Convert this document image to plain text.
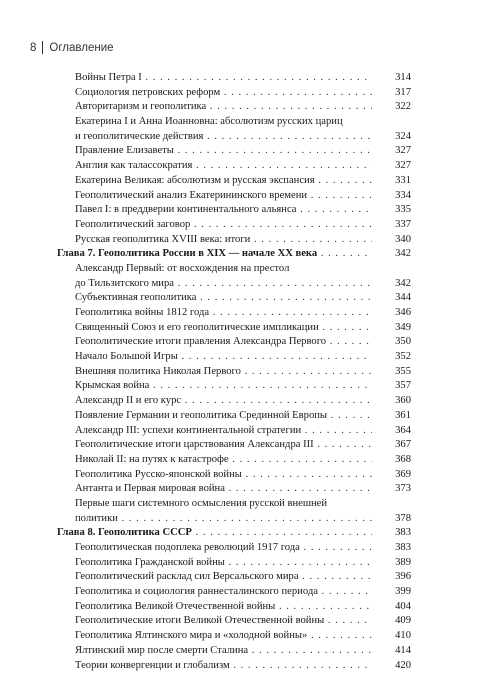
8 Оглавление
Войны Петра I . . .	314
Социология петровских реформ . . .	317
Авторитаризм и геополитика . . .	322
Екатерина I и Анна Иоанновна: абсолютизм русских цариц
и геополитические действия . . .	324
Правление Елизаветы . . .	327
Англия как талассократия . . .	327
Екатерина Великая: абсолютизм и русская экспансия . . .	331
Геополитический анализ Екатерининского времени . . .	334
Павел I: в преддверии континентального альянса . . .	335
Геополитический заговор . . .	337
Русская геополитика XVIII века: итоги . . .	340
Глава 7. Геополитика России в XIX — начале XX века . . .	342
Александр Первый: от восхождения на престол
до Тильзитского мира . . .	342
Субъективная геополитика . . .	344
Геополитика войны 1812 года . . .	346
Священный Союз и его геополитические импликации . . .	349
Геополитические итоги правления Александра Первого . . .	350
Начало Большой Игры . . .	352
Внешняя политика Николая Первого . . .	355
Крымская война . . .	357
Александр II и его курс . . .	360
Появление Германии и геополитика Срединной Европы . . .	361
Александр III: успехи континентальной стратегии . . .	364
Геополитические итоги царствования Александра III . . .	367
Николай II: на путях к катастрофе . . .	368
Геополитика Русско-японской войны . . .	369
Антанта и Первая мировая война . . .	373
Первые шаги системного осмысления русской внешней
политики . . .	378
Глава 8. Геополитика СССР . . .	383
Геополитическая подоплека революций 1917 года . . .	383
Геополитика Гражданской войны . . .	389
Геополитический расклад сил Версальского мира . . .	396
Геополитика и социология раннесталинского периода . . .	399
Геополитика Великой Отечественной войны . . .	404
Геополитические итоги Великой Отечественной войны . . .	409
Геополитика Ялтинского мира и «холодной войны» . . .	410
Ялтинский мир после смерти Сталина . . .	414
Теории конвергенции и глобализм . . .	420
